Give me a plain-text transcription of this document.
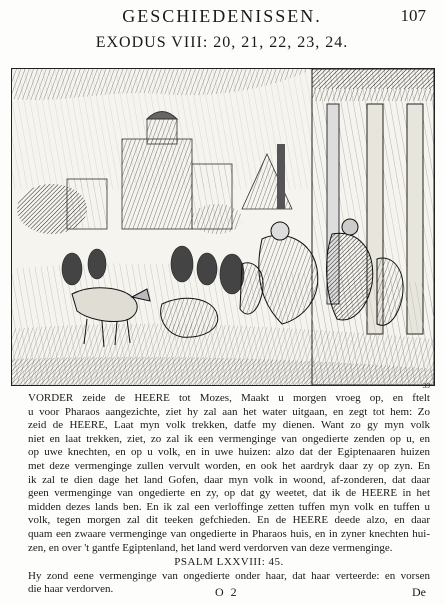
GESCHIEDENISSEN.	107
EXODUS VIII: 20, 21, 22, 23, 24.
33
VORDER zeide de HEERE tot Mozes, Maakt u morgen vroeg op, en ftelt
u voor Pharaos aangezichte, ziet hy zal aan het water uitgaan, en zegt tot hem: Zo
zeid de HEERE, Laat myn volk trekken, datfe my dienen. Want zo gy myn volk
niet en laat trekken, ziet, zo zal ik een vermenginge van ongedierte zenden op u, en
op uwe knechten, en op u volk, en in uwe huizen: alzo dat der Egiptenaaren huizen
met deze vermenginge zullen vervult worden, en ook het aardryk daar zy op zyn. En
ik zal te dien dage het land Gofen, daar myn volk in woond, af-zonderen, dat daar
geen vermenginge van ongedierte en zy, op dat gy weetet, dat ik de HEERE in het
midden dezes lands ben. En ik zal een verloffinge zetten tuffen myn volk en tuffen u
volk, tegen morgen zal dit teeken gefchieden. En de HEERE deede alzo, en daar
quam een zwaare vermenginge van ongedierte in Pharaos huis, en in zyner knechten hui-
zen, en over 't gantfe Egiptenland, het land werd verdorven van deze vermenginge.
PSALM LXXVIII: 45.
Hy zond eene vermenginge van ongedierte onder haar, dat haar verteerde: en vorsen
die haar verdorven.	O 2	De
